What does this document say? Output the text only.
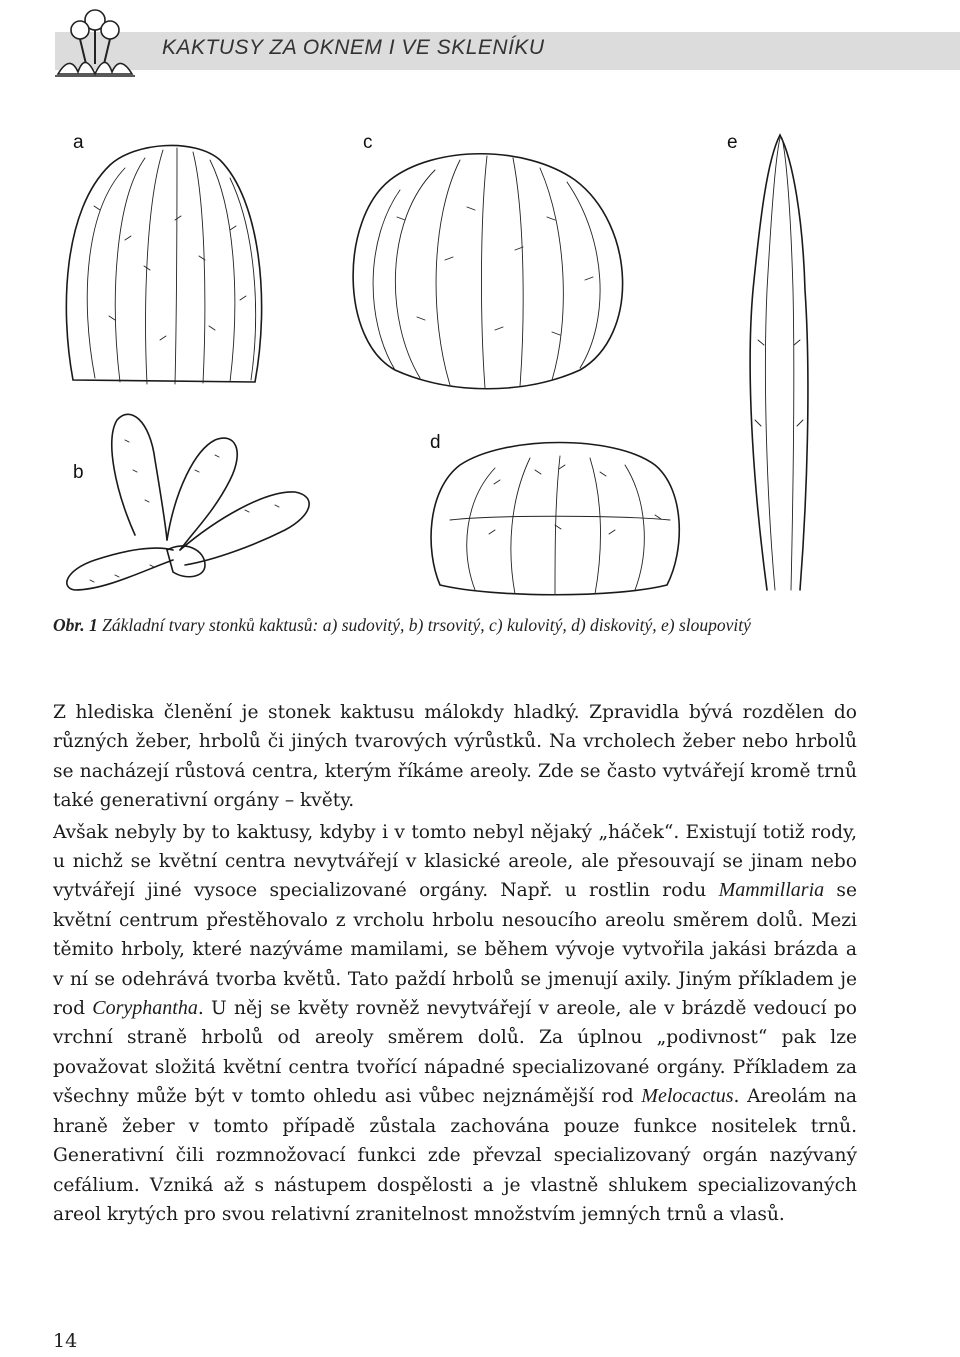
KAKTUSY ZA OKNEM I VE SKLENÍKU
a	c	e
b
d
Obr. 1 Základní tvary stonků kaktusů: a) sudovitý, b) trsovitý, c) kulovitý, d) diskovitý, e) sloupovitý

Z hlediska členění je stonek kaktusu málokdy hladký. Zpravidla bývá rozdělen do různých žeber, hrbolů či jiných tvarových výrůstků. Na vrcholech žeber nebo hrbolů se nacházejí růstová centra, kterým říkáme areoly. Zde se často vytvářejí kromě trnů také generativní orgány – květy.

Avšak nebyly by to kaktusy, kdyby i v tomto nebyl nějaký „háček“. Existují totiž rody, u nichž se květní centra nevytvářejí v klasické areole, ale přesouvají se jinam nebo vytvářejí jiné vysoce specializované orgány. Např. u rostlin rodu Mammillaria se květní centrum přestěhovalo z vrcholu hrbolu nesoucího areolu směrem dolů. Mezi těmito hrboly, které nazýváme mamilami, se během vývoje vytvořila jakási brázda a v ní se odehrává tvorba květů. Tato paždí hrbolů se jmenují axily. Jiným příkladem je rod Coryphantha. U něj se květy rovněž nevytvářejí v areole, ale v brázdě vedoucí po vrchní straně hrbolů od areoly směrem dolů. Za úplnou „podivnost“ pak lze považovat složitá květní centra tvořící nápadné specializované orgány. Příkladem za všechny může být v tomto ohledu asi vůbec nejznámější rod Melocactus. Areolám na hraně žeber v tomto případě zůstala zachována pouze funkce nositelek trnů. Generativní čili rozmnožovací funkci zde převzal specializovaný orgán nazývaný cefálium. Vzniká až s nástupem dospělosti a je vlastně shlukem specializovaných areol krytých pro svou relativní zranitelnost množstvím jemných trnů a vlasů.

14
